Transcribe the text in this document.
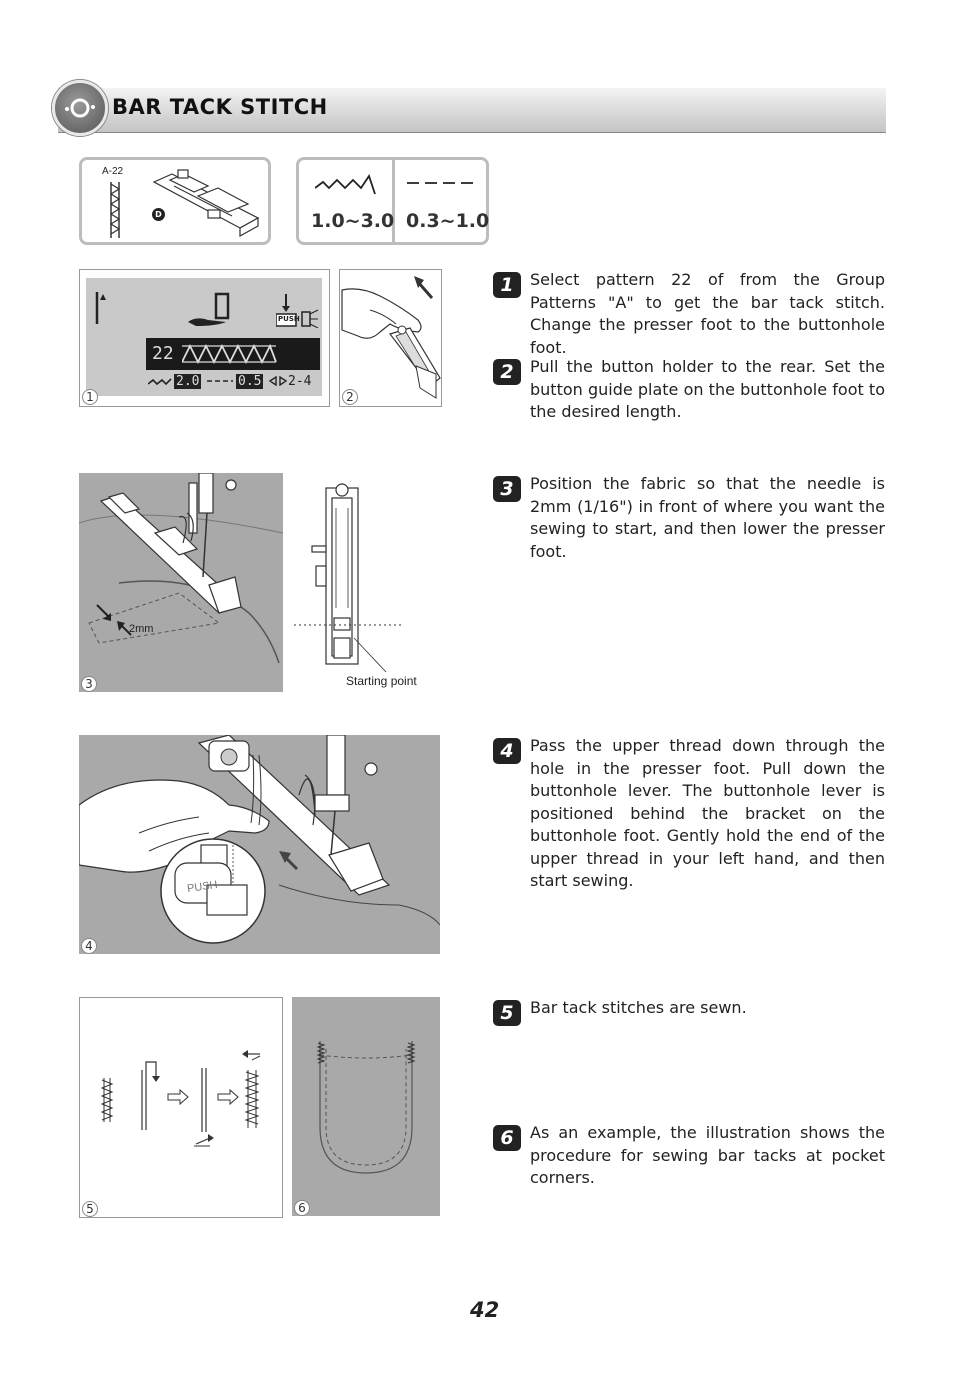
BAR TACK STITCH
A-22
D	1.0~3.0 0.3~1.0
PUSH
22
2.0	0.5 2-4
1	2
2mm
3	Starting point
PUSH
4
5	6
1	Select pattern 22 of from the Group Patterns "A" to get the bar tack stitch. Change the presser foot to the buttonhole foot.
2	Pull the button holder to the rear. Set the button guide plate on the buttonhole foot to the desired length.
3	Position the fabric so that the needle is 2mm (1/16") in front of where you want the sewing to start, and then lower the presser foot.
4	Pass the upper thread down through the hole in the presser foot. Pull down the buttonhole lever. The buttonhole lever is positioned behind the bracket on the buttonhole foot. Gently hold the end of the upper thread in your left hand, and then start sewing.
5	Bar tack stitches are sewn.
6	As an example, the illustration shows the procedure for sewing bar tacks at pocket corners.
42
